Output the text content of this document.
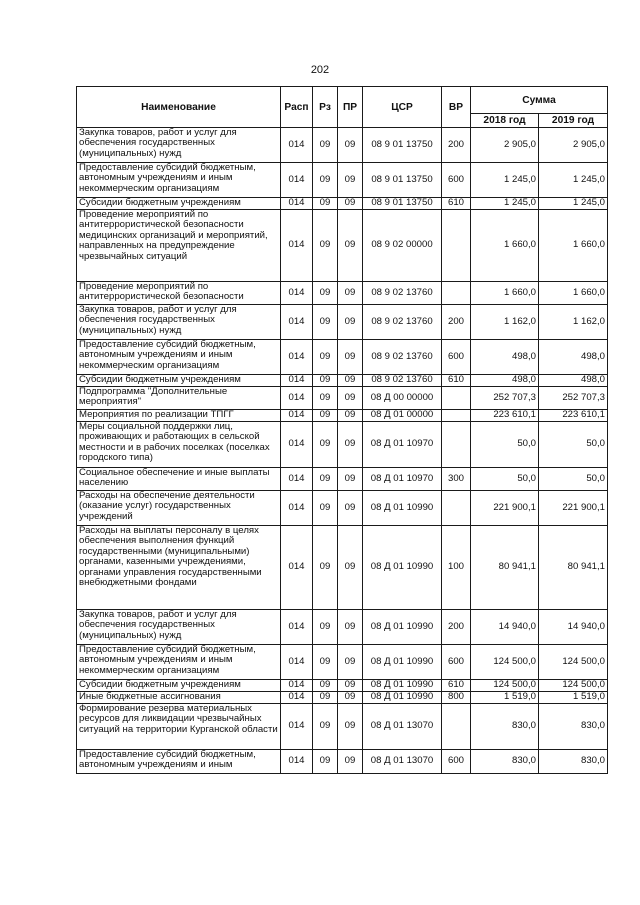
202
Наименование	Расп	Рз	ПР	ЦСР	ВР	Сумма	
						2018 год	2019 год
Закупка товаров, работ и услуг для обеспечения государственных (муниципальных) нужд	014	09	09	08 9 01 13750	200	2 905,0	2 905,0
Предоставление субсидий бюджетным, автономным учреждениям и иным некоммерческим организациям	014	09	09	08 9 01 13750	600	1 245,0	1 245,0
Субсидии бюджетным учреждениям	014	09	09	08 9 01 13750	610	1 245,0	1 245,0
Проведение мероприятий по антитеррористической безопасности медицинских организаций и мероприятий, направленных на предупреждение чрезвычайных ситуаций	014	09	09	08 9 02 00000		1 660,0	1 660,0
Проведение мероприятий по антитеррористической безопасности	014	09	09	08 9 02 13760		1 660,0	1 660,0
Закупка товаров, работ и услуг для обеспечения государственных (муниципальных) нужд	014	09	09	08 9 02 13760	200	1 162,0	1 162,0
Предоставление субсидий бюджетным, автономным учреждениям и иным некоммерческим организациям	014	09	09	08 9 02 13760	600	498,0	498,0
Субсидии бюджетным учреждениям	014	09	09	08 9 02 13760	610	498,0	498,0
Подпрограмма "Дополнительные мероприятия"	014	09	09	08 Д 00 00000		252 707,3	252 707,3
Мероприятия по реализации ТПГГ	014	09	09	08 Д 01 00000		223 610,1	223 610,1
Меры социальной поддержки лиц, проживающих и работающих в сельской местности и в рабочих поселках (поселках городского типа)	014	09	09	08 Д 01 10970		50,0	50,0
Социальное обеспечение и иные выплаты населению	014	09	09	08 Д 01 10970	300	50,0	50,0
Расходы на обеспечение деятельности (оказание услуг) государственных учреждений	014	09	09	08 Д 01 10990		221 900,1	221 900,1
Расходы на выплаты персоналу в целях обеспечения выполнения функций государственными (муниципальными) органами, казенными учреждениями, органами управления государственными внебюджетными фондами	014	09	09	08 Д 01 10990	100	80 941,1	80 941,1
Закупка товаров, работ и услуг для обеспечения государственных (муниципальных) нужд	014	09	09	08 Д 01 10990	200	14 940,0	14 940,0
Предоставление субсидий бюджетным, автономным учреждениям и иным некоммерческим организациям	014	09	09	08 Д 01 10990	600	124 500,0	124 500,0
Субсидии бюджетным учреждениям	014	09	09	08 Д 01 10990	610	124 500,0	124 500,0
Иные бюджетные ассигнования	014	09	09	08 Д 01 10990	800	1 519,0	1 519,0
Формирование резерва материальных ресурсов для ликвидации чрезвычайных ситуаций на территории Курганской области	014	09	09	08 Д 01 13070		830,0	830,0
Предоставление субсидий бюджетным, автономным учреждениям и иным	014	09	09	08 Д 01 13070	600	830,0	830,0
